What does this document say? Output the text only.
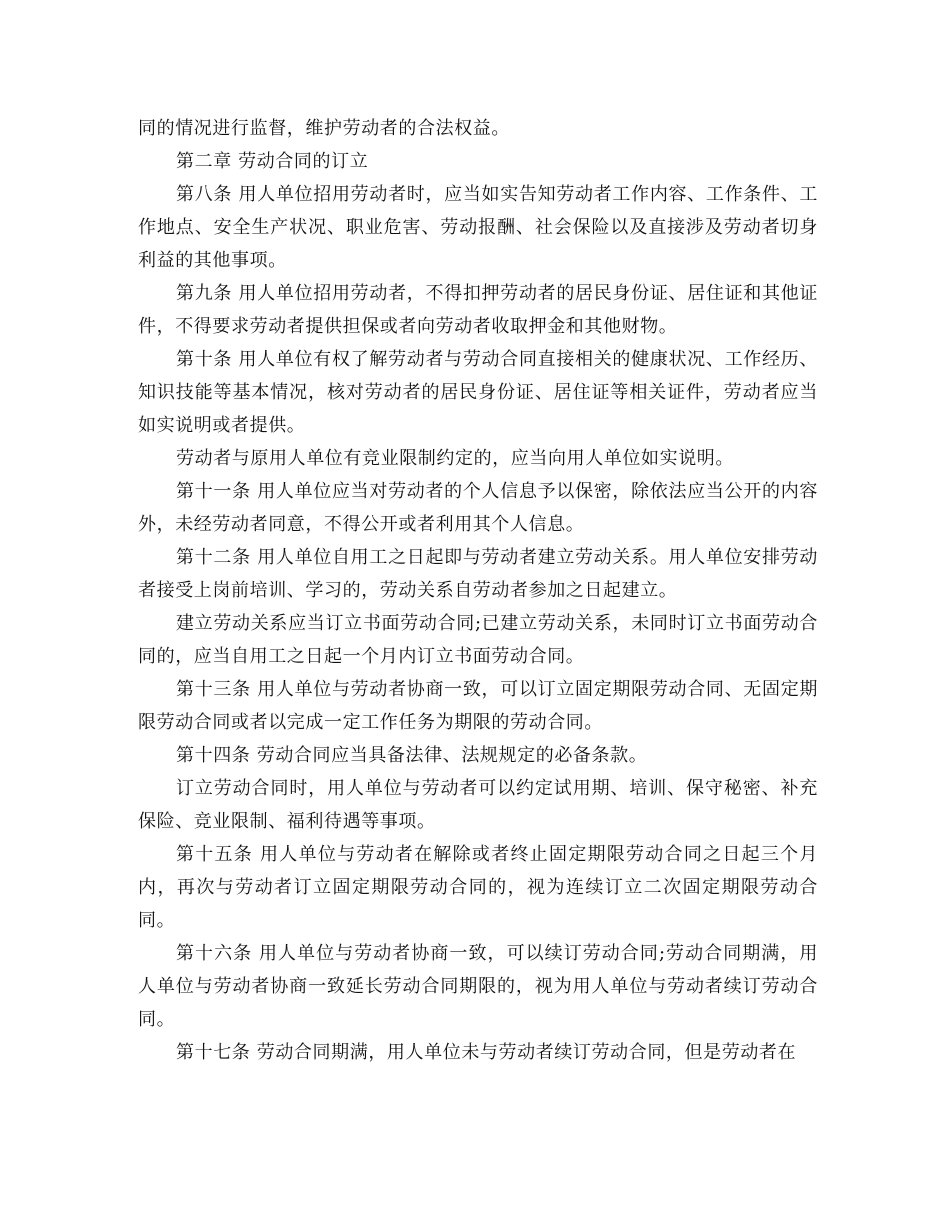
同的情况进行监督，维护劳动者的合法权益。

第二章 劳动合同的订立

第八条 用人单位招用劳动者时，应当如实告知劳动者工作内容、工作条件、工作地点、安全生产状况、职业危害、劳动报酬、社会保险以及直接涉及劳动者切身利益的其他事项。

第九条 用人单位招用劳动者，不得扣押劳动者的居民身份证、居住证和其他证件，不得要求劳动者提供担保或者向劳动者收取押金和其他财物。

第十条 用人单位有权了解劳动者与劳动合同直接相关的健康状况、工作经历、知识技能等基本情况，核对劳动者的居民身份证、居住证等相关证件，劳动者应当如实说明或者提供。

劳动者与原用人单位有竞业限制约定的，应当向用人单位如实说明。

第十一条 用人单位应当对劳动者的个人信息予以保密，除依法应当公开的内容外，未经劳动者同意，不得公开或者利用其个人信息。

第十二条 用人单位自用工之日起即与劳动者建立劳动关系。用人单位安排劳动者接受上岗前培训、学习的，劳动关系自劳动者参加之日起建立。

建立劳动关系应当订立书面劳动合同;已建立劳动关系，未同时订立书面劳动合同的，应当自用工之日起一个月内订立书面劳动合同。

第十三条 用人单位与劳动者协商一致，可以订立固定期限劳动合同、无固定期限劳动合同或者以完成一定工作任务为期限的劳动合同。

第十四条 劳动合同应当具备法律、法规规定的必备条款。

订立劳动合同时，用人单位与劳动者可以约定试用期、培训、保守秘密、补充保险、竞业限制、福利待遇等事项。

第十五条 用人单位与劳动者在解除或者终止固定期限劳动合同之日起三个月内，再次与劳动者订立固定期限劳动合同的，视为连续订立二次固定期限劳动合同。

第十六条 用人单位与劳动者协商一致，可以续订劳动合同;劳动合同期满，用人单位与劳动者协商一致延长劳动合同期限的，视为用人单位与劳动者续订劳动合同。

第十七条 劳动合同期满，用人单位未与劳动者续订劳动合同，但是劳动者在
